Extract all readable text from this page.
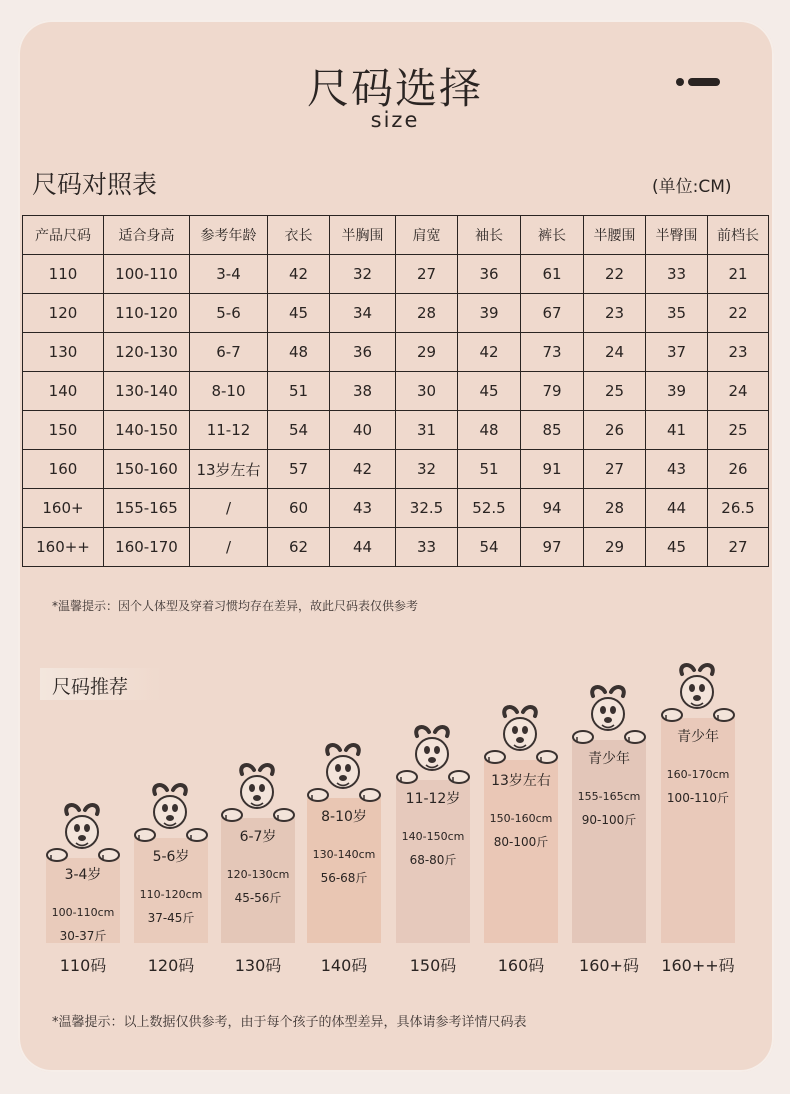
尺码选择
size
尺码对照表	(单位:CM)
产品尺码	适合身高	参考年龄	衣长	半胸围	肩宽	袖长	裤长	半腰围	半臀围	前档长
110	100-110	3-4	42	32	27	36	61	22	33	21
120	110-120	5-6	45	34	28	39	67	23	35	22
130	120-130	6-7	48	36	29	42	73	24	37	23
140	130-140	8-10	51	38	30	45	79	25	39	24
150	140-150	11-12	54	40	31	48	85	26	41	25
160	150-160	13岁左右	57	42	32	51	91	27	43	26
160+	155-165	/	60	43	32.5	52.5	94	28	44	26.5
160++	160-170	/	62	44	33	54	97	29	45	27
*温馨提示：因个人体型及穿着习惯均存在差异，故此尺码表仅供参考
尺码推荐
3-4岁
100-110cm
30-37斤
110码
5-6岁
110-120cm
37-45斤
120码
6-7岁
120-130cm
45-56斤
130码
8-10岁
130-140cm
56-68斤
140码
11-12岁
140-150cm
68-80斤
150码
13岁左右
150-160cm
80-100斤
160码
青少年
155-165cm
90-100斤
160+码
青少年
160-170cm
100-110斤
160++码
*温馨提示：以上数据仅供参考，由于每个孩子的体型差异，具体请参考详情尺码表
